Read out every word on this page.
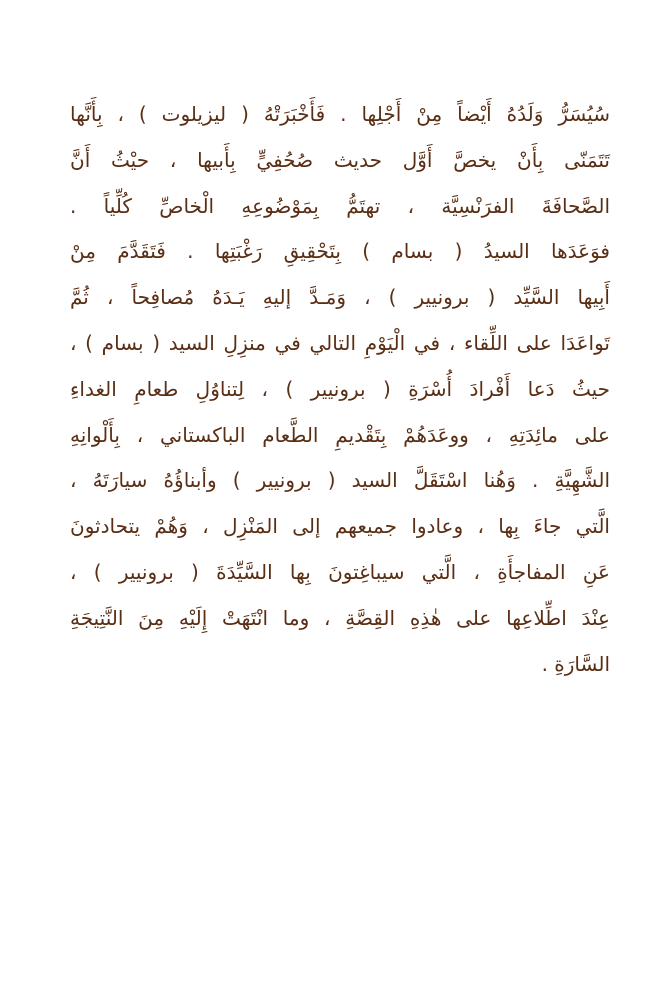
سُيُسَرُّ وَلَدُهُ أَيْضاً مِنْ أَجْلِها . فَأَخْبَرَتْهُ ( ليزيلوت ) ، بِأَنَّها
تَتَمَنّى بِأَنْ يخصَّ أَوَّل حديث صُحُفِيٍّ بِأَبيها ، حيْثُ أَنَّ
الصَّحافَةَ الفرَنْسِيَّة ، تهتَمُّ بِمَوْضُوعِهِ الْخاصِّ كُلِّياً .
فوَعَدَها السيدُ ( بسام ) بِتَحْقِيقِ رَغْبَتِها . فَتَقَدَّمَ مِنْ
أَبِيها السَّيِّد ( برونيير ) ، وَمَـدَّ إليهِ يَـدَهُ مُصافِحاً ، ثُمَّ
تَواعَدَا على اللِّقاء ، في الْيَوْمِ التالي في منزِلِ السيد ( بسام ) ،
حيثُ دَعا أَفْرادَ أُسْرَةِ ( برونيير ) ، لِتناوُلِ طعامِ الغداءِ
على مائِدَتِهِ ، ووعَدَهُمْ بِتَقْديمِ الطَّعام الباكستاني ، بِأَلْوانِهِ
الشَّهِيَّةِ . وَهُنا اسْتَقَلَّ السيد ( برونيير ) وأبناؤُهُ سيارَتَهُ ،
الَّتي جاءَ بِها ، وعادوا جميعهم إلى المَنْزِل ، وَهُمْ يتحادثونَ
عَنِ المفاجأَةِ ، الَّتي سيباغِتونَ بِها السَّيِّدَةَ ( برونيير ) ،
عِنْدَ اطِّلاعِها على هٰذِهِ القِصَّةِ ، وما انْتَهَتْ إِلَيْهِ مِنَ النَّتِيجَةِ
السَّارَةِ .
